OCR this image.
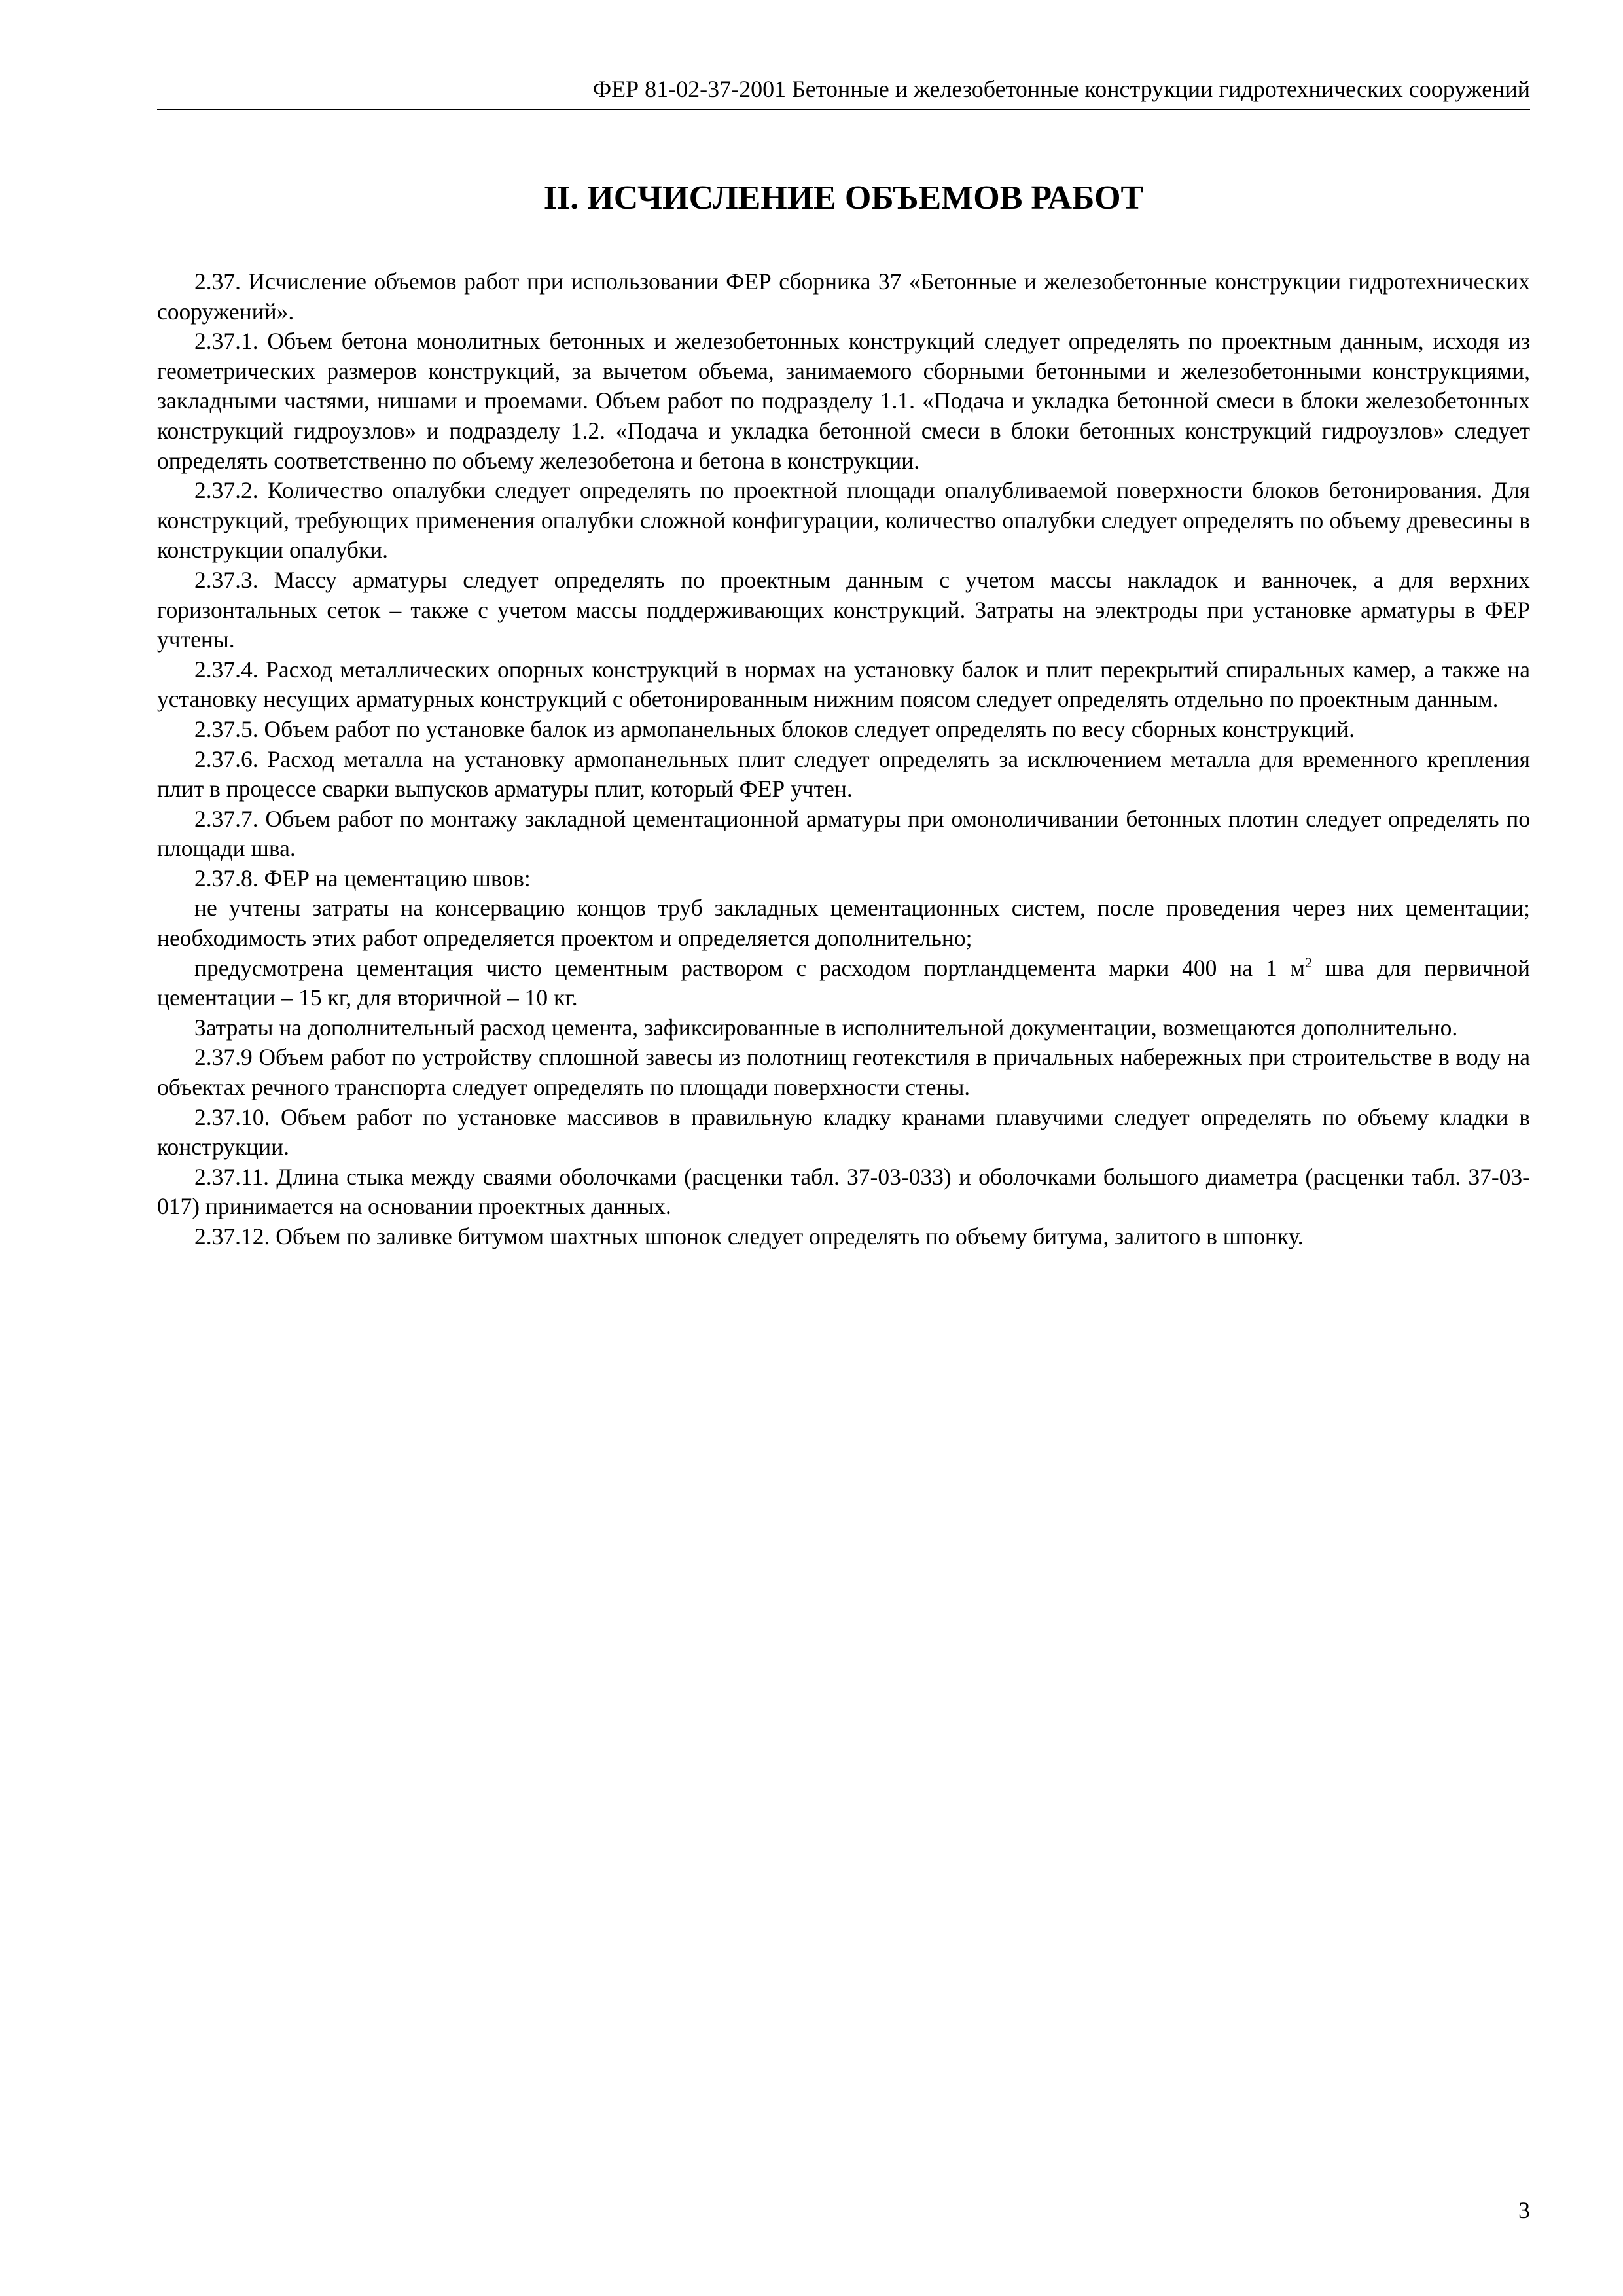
ФЕР 81-02-37-2001 Бетонные и железобетонные конструкции гидротехнических сооружений
II. ИСЧИСЛЕНИЕ ОБЪЕМОВ РАБОТ

2.37. Исчисление объемов работ при использовании ФЕР сборника 37 «Бетонные и железобетонные конструкции гидротехнических сооружений».

2.37.1. Объем бетона монолитных бетонных и железобетонных конструкций следует определять по проектным данным, исходя из геометрических размеров конструкций, за вычетом объема, занимаемого сборными бетонными и железобетонными конструкциями, закладными частями, нишами и проемами. Объем работ по подразделу 1.1. «Подача и укладка бетонной смеси в блоки железобетонных конструкций гидроузлов» и подразделу 1.2. «Подача и укладка бетонной смеси в блоки бетонных конструкций гидроузлов» следует определять соответственно по объему железобетона и бетона в конструкции.

2.37.2. Количество опалубки следует определять по проектной площади опалубливаемой поверхности блоков бетонирования. Для конструкций, требующих применения опалубки сложной конфигурации, количество опалубки следует определять по объему древесины в конструкции опалубки.

2.37.3. Массу арматуры следует определять по проектным данным с учетом массы накладок и ванночек, а для верхних горизонтальных сеток – также с учетом массы поддерживающих конструкций. Затраты на электроды при установке арматуры в ФЕР учтены.

2.37.4. Расход металлических опорных конструкций в нормах на установку балок и плит перекрытий спиральных камер, а также на установку несущих арматурных конструкций с обетонированным нижним поясом следует определять отдельно по проектным данным.

2.37.5. Объем работ по установке балок из армопанельных блоков следует определять по весу сборных конструкций.

2.37.6. Расход металла на установку армопанельных плит следует определять за исключением металла для временного крепления плит в процессе сварки выпусков арматуры плит, который ФЕР учтен.

2.37.7. Объем работ по монтажу закладной цементационной арматуры при омоноличивании бетонных плотин следует определять по площади шва.

2.37.8. ФЕР на цементацию швов:

не учтены затраты на консервацию концов труб закладных цементационных систем, после проведения через них цементации; необходимость этих работ определяется проектом и определяется дополнительно;

предусмотрена цементация чисто цементным раствором с расходом портландцемента марки 400 на 1 $м^2$ шва для первичной цементации – 15 кг, для вторичной – 10 кг.

Затраты на дополнительный расход цемента, зафиксированные в исполнительной документации, возмещаются дополнительно.

2.37.9 Объем работ по устройству сплошной завесы из полотнищ геотекстиля в причальных набережных при строительстве в воду на объектах речного транспорта следует определять по площади поверхности стены.

2.37.10. Объем работ по установке массивов в правильную кладку кранами плавучими следует определять по объему кладки в конструкции.

2.37.11. Длина стыка между сваями оболочками (расценки табл. 37-03-033) и оболочками большого диаметра (расценки табл. 37-03-017) принимается на основании проектных данных.

2.37.12. Объем по заливке битумом шахтных шпонок следует определять по объему битума, залитого в шпонку.

3
